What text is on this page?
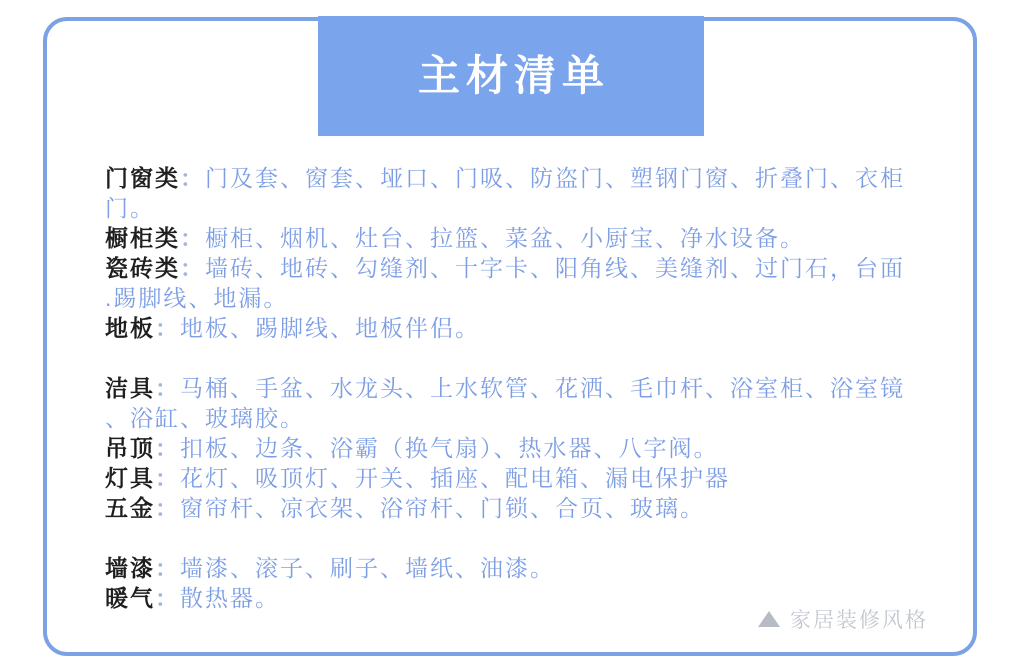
主材清单

门窗类：门及套、窗套、垭口、门吸、防盗门、塑钢门窗、折叠门、衣柜门。

橱柜类：橱柜、烟机、灶台、拉篮、菜盆、小厨宝、净水设备。

瓷砖类：墙砖、地砖、勾缝剂、十字卡、阳角线、美缝剂、过门石，台面.踢脚线、地漏。

地板：地板、踢脚线、地板伴侣。

洁具：马桶、手盆、水龙头、上水软管、花洒、毛巾杆、浴室柜、浴室镜、浴缸、玻璃胶。

吊顶：扣板、边条、浴霸（换气扇）、热水器、八字阀。

灯具：花灯、吸顶灯、开关、插座、配电箱、漏电保护器

五金：窗帘杆、凉衣架、浴帘杆、门锁、合页、玻璃。

墙漆：墙漆、滚子、刷子、墙纸、油漆。

暖气：散热器。

家居装修风格
